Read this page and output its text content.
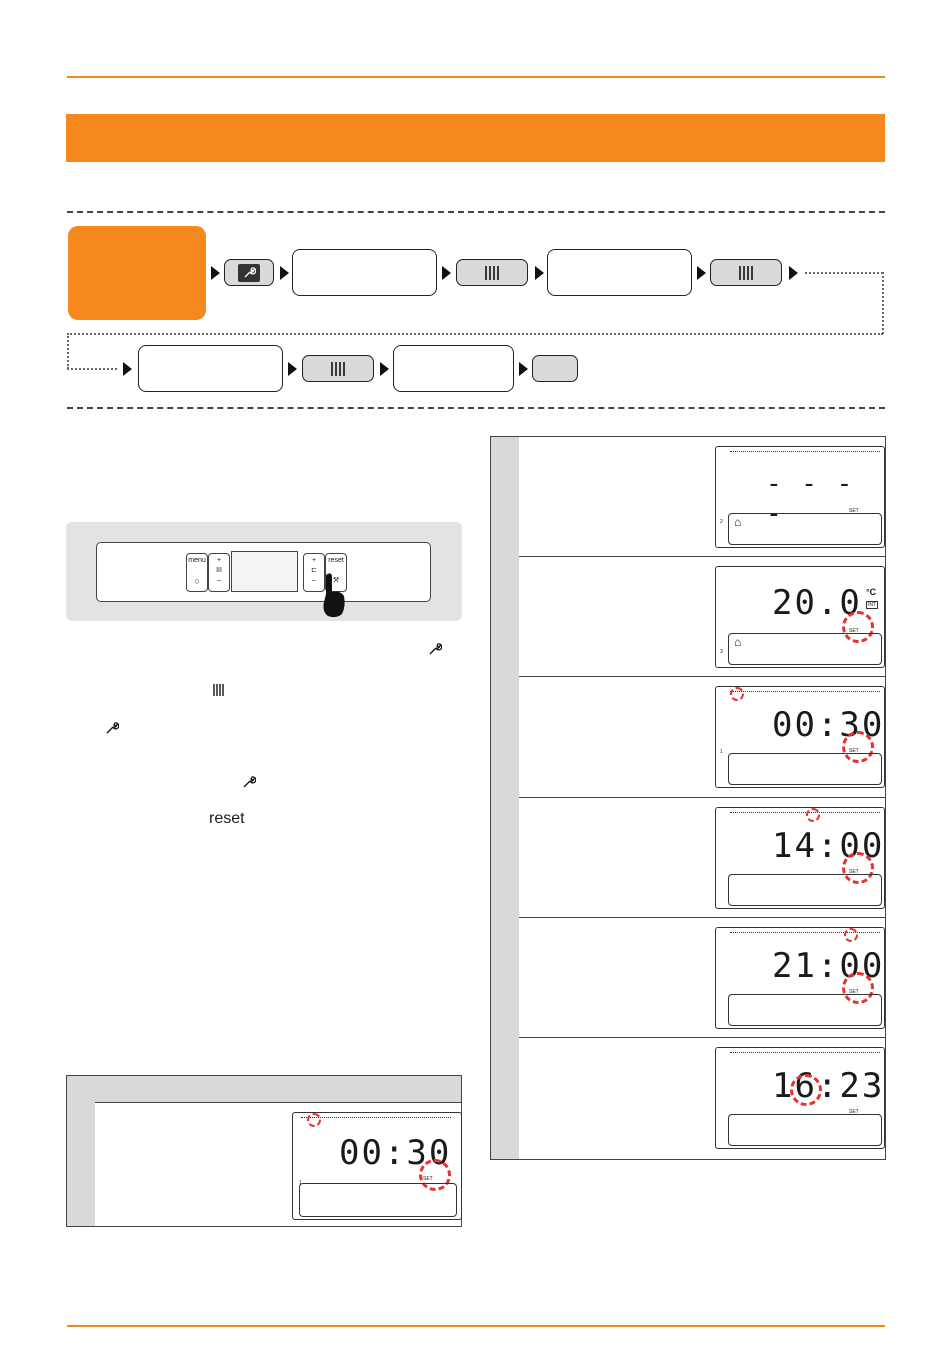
menu

○
+
III
–
+
⊏
–
reset

⚒
reset
00:30
SET
1
- - - -	SET
2 ⌂
20.0 °C
INT
SET
3
⌂
00:30
SET
1
14:00
SET
21:00
SET
16:23
SET
